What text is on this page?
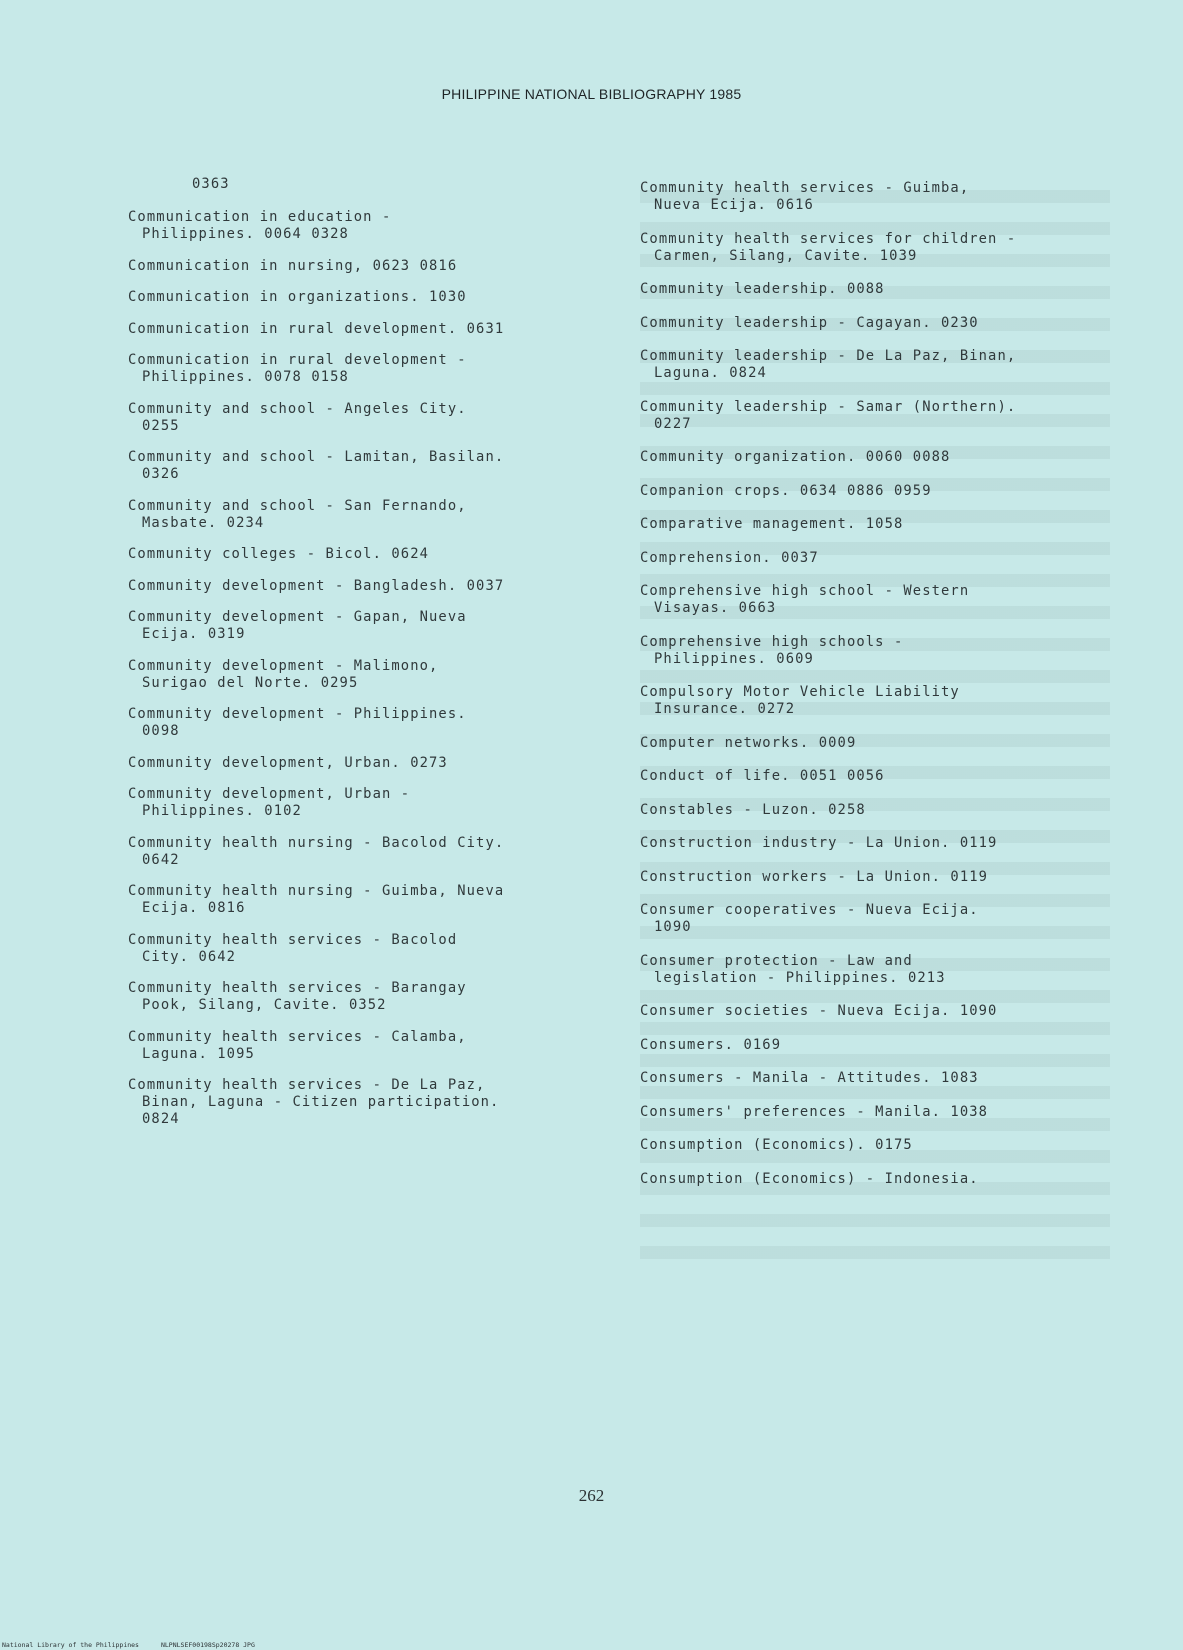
PHILIPPINE NATIONAL BIBLIOGRAPHY 1985
0363
Communication in education -
Philippines. 0064 0328
Communication in nursing, 0623 0816
Communication in organizations. 1030
Communication in rural development. 0631
Communication in rural development -
Philippines. 0078 0158
Community and school - Angeles City.
0255
Community and school - Lamitan, Basilan.
0326
Community and school - San Fernando,
Masbate. 0234
Community colleges - Bicol. 0624
Community development - Bangladesh. 0037
Community development - Gapan, Nueva
Ecija. 0319
Community development - Malimono,
Surigao del Norte. 0295
Community development - Philippines.
0098
Community development, Urban. 0273
Community development, Urban -
Philippines. 0102
Community health nursing - Bacolod City.
0642
Community health nursing - Guimba, Nueva
Ecija. 0816
Community health services - Bacolod
City. 0642
Community health services - Barangay
Pook, Silang, Cavite. 0352
Community health services - Calamba,
Laguna. 1095
Community health services - De La Paz,
Binan, Laguna - Citizen participation.
0824
Community health services - Guimba,
Nueva Ecija. 0616
Community health services for children -
Carmen, Silang, Cavite. 1039
Community leadership. 0088
Community leadership - Cagayan. 0230
Community leadership - De La Paz, Binan,
Laguna. 0824
Community leadership - Samar (Northern).
0227
Community organization. 0060 0088
Companion crops. 0634 0886 0959
Comparative management. 1058
Comprehension. 0037
Comprehensive high school - Western
Visayas. 0663
Comprehensive high schools -
Philippines. 0609
Compulsory Motor Vehicle Liability
Insurance. 0272
Computer networks. 0009
Conduct of life. 0051 0056
Constables - Luzon. 0258
Construction industry - La Union. 0119
Construction workers - La Union. 0119
Consumer cooperatives - Nueva Ecija.
1090
Consumer protection - Law and
legislation - Philippines. 0213
Consumer societies - Nueva Ecija. 1090
Consumers. 0169
Consumers - Manila - Attitudes. 1083
Consumers' preferences - Manila. 1038
Consumption (Economics). 0175
Consumption (Economics) - Indonesia.
262
National Library of the Philippines	NLPNLSEF00198Sp20278 JPG
